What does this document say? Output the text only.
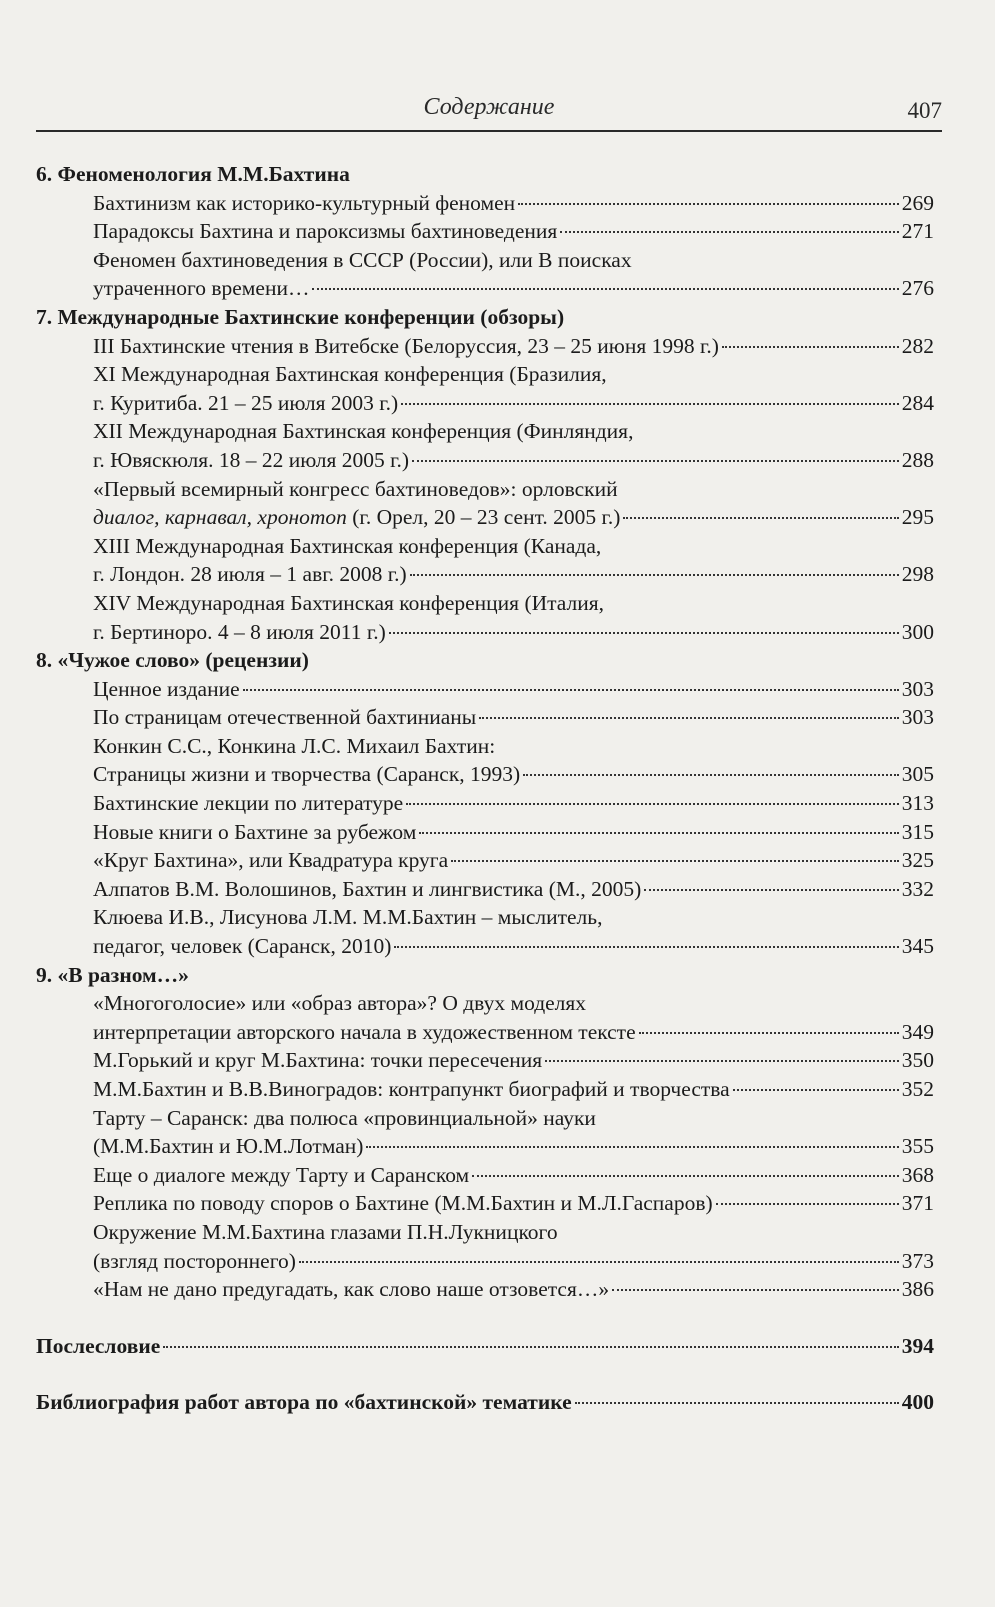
Содержание	407
6. Феноменология М.М.Бахтина
Бахтинизм как историко-культурный феномен	269
Парадоксы Бахтина и пароксизмы бахтиноведения	271
Феномен бахтиноведения в СССР (России), или В поисках
утраченного времени…	276
7. Международные Бахтинские конференции (обзоры)
III Бахтинские чтения в Витебске (Белоруссия, 23 – 25 июня 1998 г.)	282
XI Международная Бахтинская конференция (Бразилия,
г. Куритиба. 21 – 25 июля 2003 г.)	284
XII Международная Бахтинская конференция (Финляндия,
г. Ювяскюля. 18 – 22 июля 2005 г.)	288
«Первый всемирный конгресс бахтиноведов»: орловский
диалог, карнавал, хронотоп (г. Орел, 20 – 23 сент. 2005 г.)	295
XIII Международная Бахтинская конференция (Канада,
г. Лондон. 28 июля – 1 авг. 2008 г.)	298
XIV Международная Бахтинская конференция (Италия,
г. Бертиноро. 4 – 8 июля 2011 г.)	300
8. «Чужое слово» (рецензии)
Ценное издание	303
По страницам отечественной бахтинианы	303
Конкин С.С., Конкина Л.С. Михаил Бахтин:
Страницы жизни и творчества (Саранск, 1993)	305
Бахтинские лекции по литературе	313
Новые книги о Бахтине за рубежом	315
«Круг Бахтина», или Квадратура круга	325
Алпатов В.М. Волошинов, Бахтин и лингвистика (М., 2005)	332
Клюева И.В., Лисунова Л.М. М.М.Бахтин – мыслитель,
педагог, человек (Саранск, 2010)	345
9. «В разном…»
«Многоголосие» или «образ автора»? О двух моделях
интерпретации авторского начала в художественном тексте	349
М.Горький и круг М.Бахтина: точки пересечения	350
М.М.Бахтин и В.В.Виноградов: контрапункт биографий и творчества	352
Тарту – Саранск: два полюса «провинциальной» науки
(М.М.Бахтин и Ю.М.Лотман)	355
Еще о диалоге между Тарту и Саранском	368
Реплика по поводу споров о Бахтине (М.М.Бахтин и М.Л.Гаспаров)	371
Окружение М.М.Бахтина глазами П.Н.Лукницкого
(взгляд постороннего)	373
«Нам не дано предугадать, как слово наше отзовется…»	386
Послесловие	394
Библиография работ автора по «бахтинской» тематике	400
